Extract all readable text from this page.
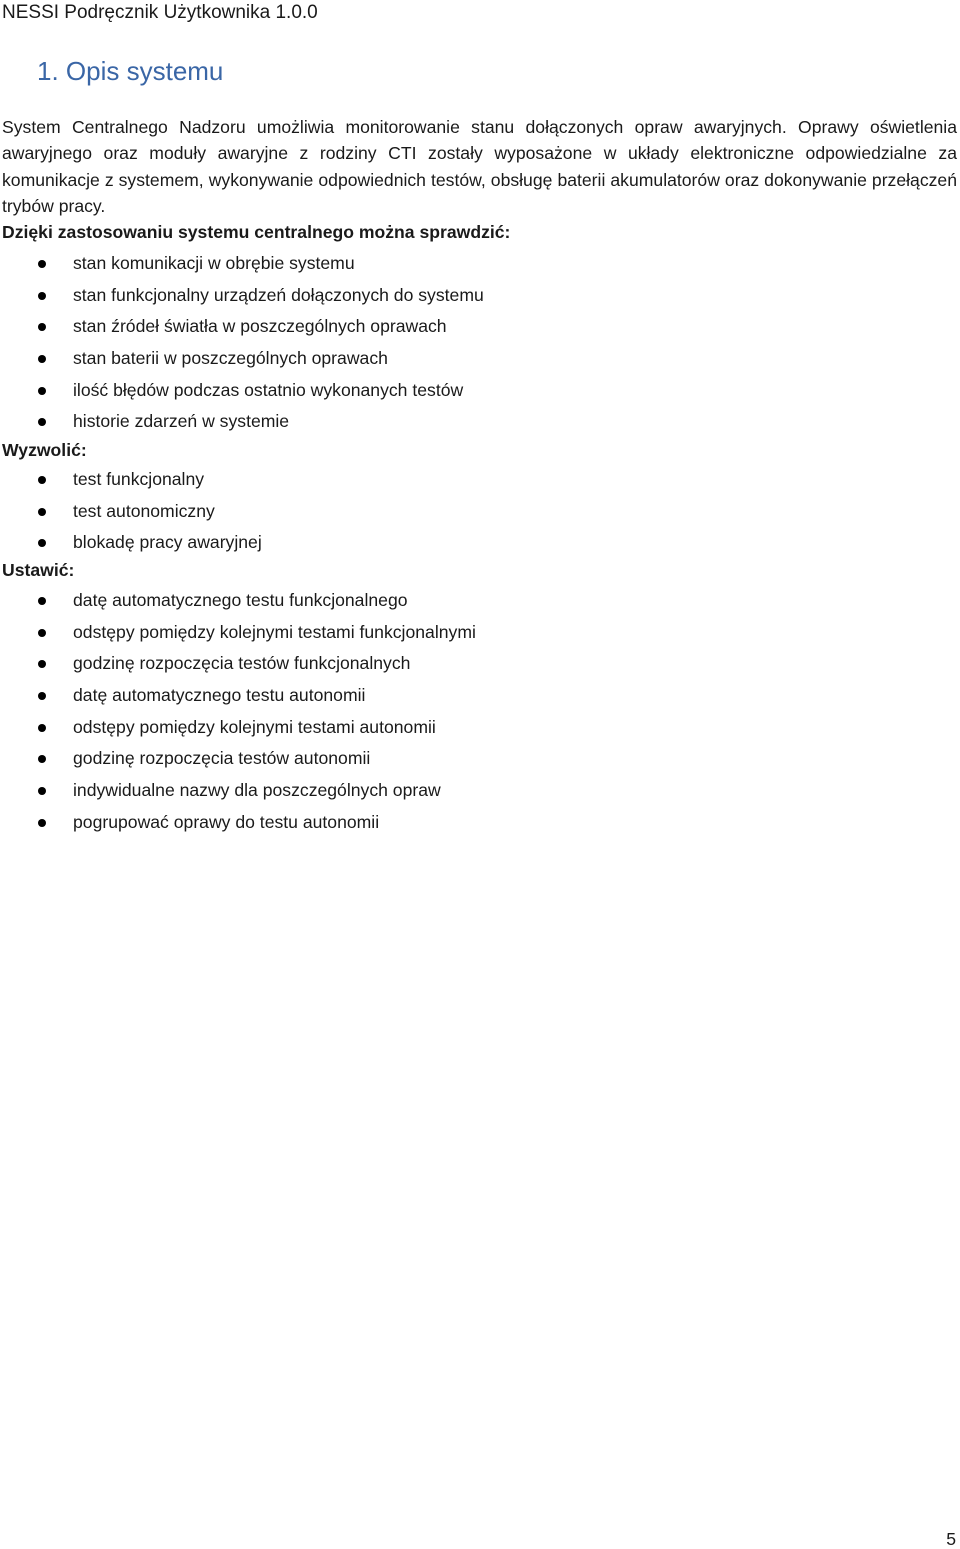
NESSI Podręcznik Użytkownika 1.0.0
1. Opis systemu

System Centralnego Nadzoru umożliwia monitorowanie stanu dołączonych opraw awaryjnych. Oprawy oświetlenia awaryjnego oraz moduły awaryjne z rodziny CTI zostały wyposażone w układy elektroniczne odpowiedzialne za komunikacje z systemem, wykonywanie odpowiednich testów, obsługę baterii akumulatorów oraz dokonywanie przełączeń trybów pracy.

Dzięki zastosowaniu systemu centralnego można sprawdzić:

stan komunikacji w obrębie systemu
stan funkcjonalny urządzeń dołączonych do systemu
stan źródeł światła w poszczególnych oprawach
stan baterii w poszczególnych oprawach
ilość błędów podczas ostatnio wykonanych testów
historie zdarzeń w systemie

Wyzwolić:

test funkcjonalny
test autonomiczny
blokadę pracy awaryjnej

Ustawić:

datę automatycznego testu funkcjonalnego
odstępy pomiędzy kolejnymi testami funkcjonalnymi
godzinę rozpoczęcia testów funkcjonalnych
datę automatycznego testu autonomii
odstępy pomiędzy kolejnymi testami autonomii
godzinę rozpoczęcia testów autonomii
indywidualne nazwy dla poszczególnych opraw
pogrupować oprawy do testu autonomii
5
